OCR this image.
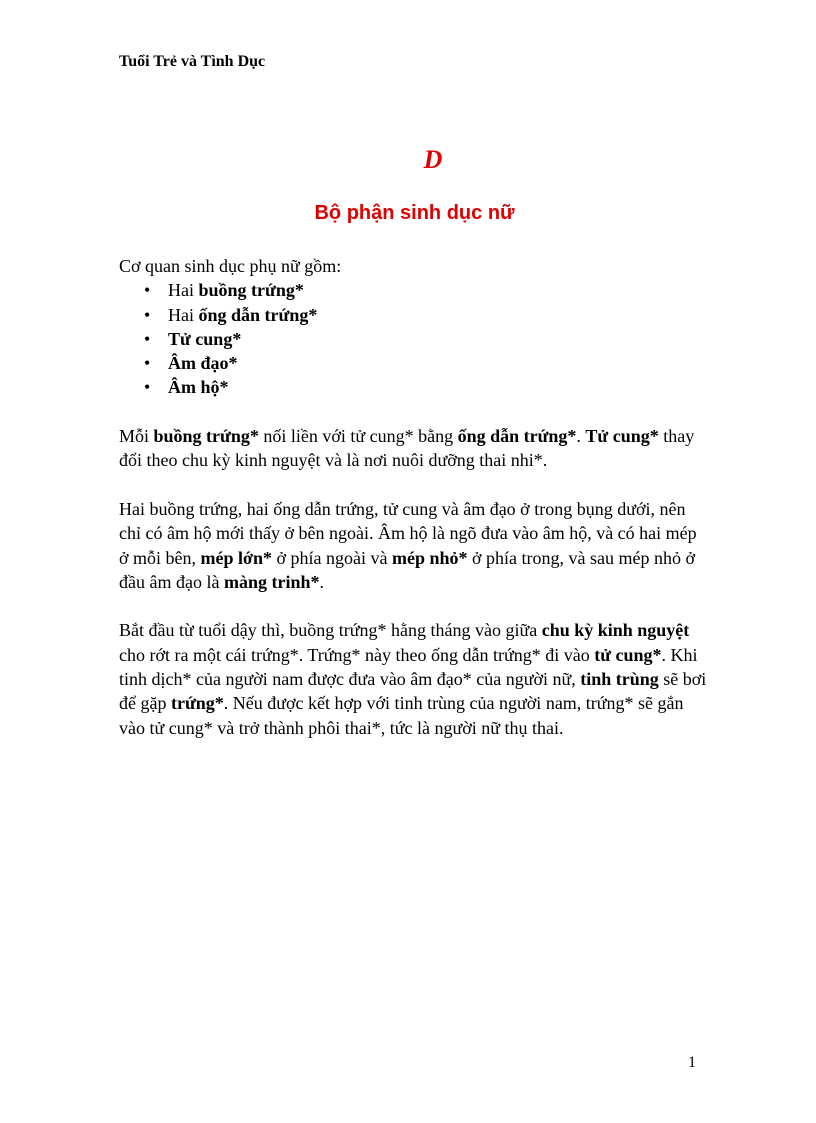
Tuổi Trẻ và Tình Dục
D
Bộ phận sinh dục nữ

Cơ quan sinh dục phụ nữ gồm:

• Hai buồng trứng*
• Hai ống dẫn trứng*
• Tử cung*
• Âm đạo*
• Âm hộ*

Mỗi buồng trứng* nối liền với tử cung* bằng ống dẫn trứng*. Tử cung* thay đổi theo chu kỳ kinh nguyệt và là nơi nuôi dưỡng thai nhi*.

Hai buồng trứng, hai ống dẫn trứng, tử cung và âm đạo ở trong bụng dưới, nên chỉ có âm hộ mới thấy ở bên ngoài. Âm hộ là ngõ đưa vào âm hộ, và có hai mép ở mỗi bên, mép lớn* ở phía ngoài và mép nhỏ* ở phía trong, và sau mép nhỏ ở đầu âm đạo là màng trinh*.

Bắt đầu từ tuổi dậy thì, buồng trứng* hằng tháng vào giữa chu kỳ kinh nguyệt cho rớt ra một cái trứng*. Trứng* này theo ống dẫn trứng* đi vào tử cung*. Khi tinh dịch* của người nam được đưa vào âm đạo* của người nữ, tinh trùng sẽ bơi để gặp trứng*. Nếu được kết hợp với tinh trùng của người nam, trứng* sẽ gắn vào tử cung* và trở thành phôi thai*, tức là người nữ thụ thai.

1
